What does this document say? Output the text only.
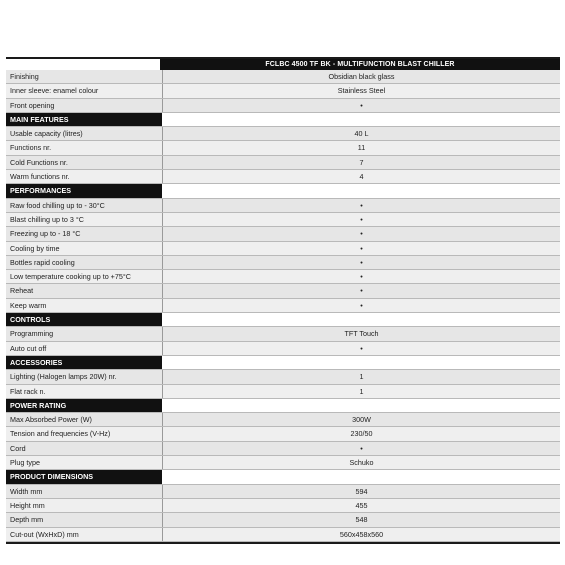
FCLBC 4500 TF BK - MULTIFUNCTION BLAST CHILLER
Finishing	Obsidian black glass
Inner sleeve: enamel colour	Stainless Steel
Front opening	•
MAIN FEATURES
Usable capacity (litres)	40 L
Functions nr.	11
Cold Functions nr.	7
Warm functions nr.	4
PERFORMANCES
Raw food chilling up to - 30°C	•
Blast chilling up to 3 °C	•
Freezing up to - 18 °C	•
Cooling by time	•
Bottles rapid cooling	•
Low temperature cooking up to +75°C	•
Reheat	•
Keep warm	•
CONTROLS
Programming	TFT Touch
Auto cut off	•
ACCESSORIES
Lighting (Halogen lamps 20W) nr.	1
Flat rack n.	1
POWER RATING
Max Absorbed Power (W)	300W
Tension and frequencies (V-Hz)	230/50
Cord	•
Plug type	Schuko
PRODUCT DIMENSIONS
Width mm	594
Height mm	455
Depth mm	548
Cut-out (WxHxD) mm	560x458x560
